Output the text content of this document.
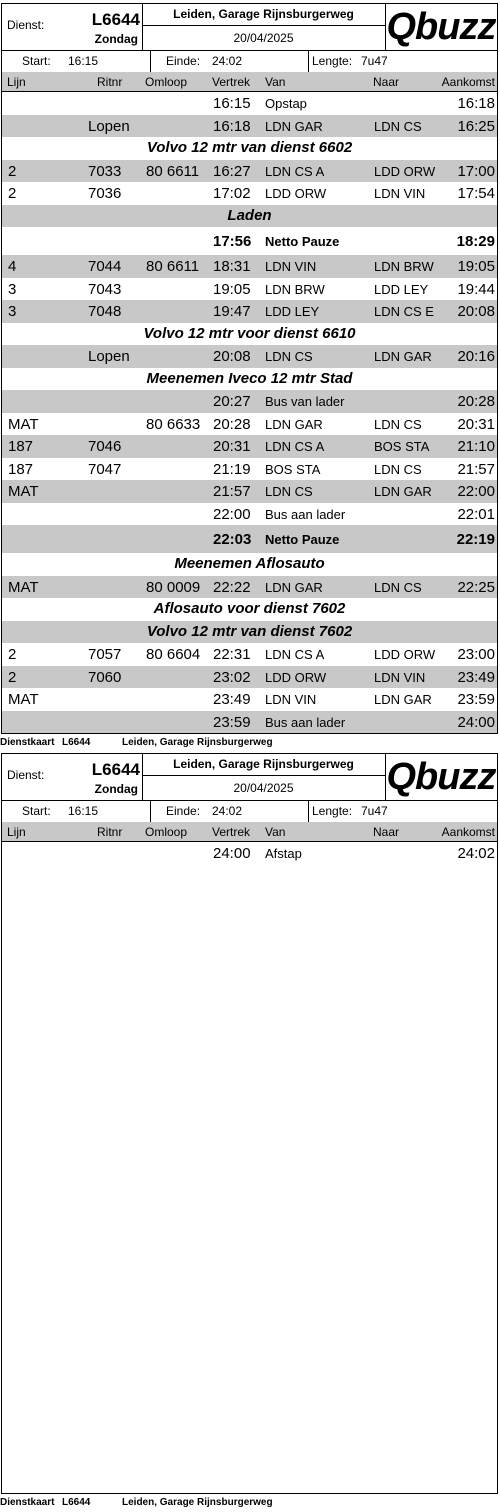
Dienst:	L6644
Zondag
Leiden, Garage Rijnsburgerweg
20/04/2025	Qbuzz
Start: 16:15	Einde: 24:02	Lengte: 7u47
Lijn	Ritnr Omloop Vertrek Van	Naar	Aankomst
16:15 Opstap	16:18
Lopen	16:18 LDN GAR	LDN CS 16:25
Volvo 12 mtr van dienst 6602
2	7033 80 6611 16:27 LDN CS A	LDD ORW 17:00
2	7036	17:02 LDD ORW	LDN VIN 17:54
Laden
17:56 Netto Pauze	18:29
4	7044 80 6611 18:31 LDN VIN	LDN BRW 19:05
3	7043	19:05 LDN BRW	LDD LEY 19:44
3	7048	19:47 LDD LEY	LDN CS E 20:08
Volvo 12 mtr voor dienst 6610
Lopen	20:08 LDN CS	LDN GAR 20:16
Meenemen Iveco 12 mtr Stad
20:27 Bus van lader	20:28
MAT	80 6633 20:28 LDN GAR	LDN CS 20:31
187	7046	20:31 LDN CS A	BOS STA 21:10
187	7047	21:19 BOS STA	LDN CS 21:57
MAT	21:57 LDN CS	LDN GAR 22:00
22:00 Bus aan lader	22:01
22:03 Netto Pauze	22:19
Meenemen Aflosauto
MAT	80 0009 22:22 LDN GAR	LDN CS 22:25
Aflosauto voor dienst 7602
Volvo 12 mtr van dienst 7602
2	7057 80 6604 22:31 LDN CS A	LDD ORW 23:00
2	7060	23:02 LDD ORW	LDN VIN 23:49
MAT	23:49 LDN VIN	LDN GAR 23:59
23:59 Bus aan lader	24:00
Dienstkaart L6644	Leiden, Garage Rijnsburgerweg
Dienst:	L6644
Zondag
Leiden, Garage Rijnsburgerweg
20/04/2025	Qbuzz
Start: 16:15	Einde: 24:02	Lengte: 7u47
Lijn	Ritnr Omloop Vertrek Van	Naar	Aankomst
24:00 Afstap	24:02
Dienstkaart L6644	Leiden, Garage Rijnsburgerweg
